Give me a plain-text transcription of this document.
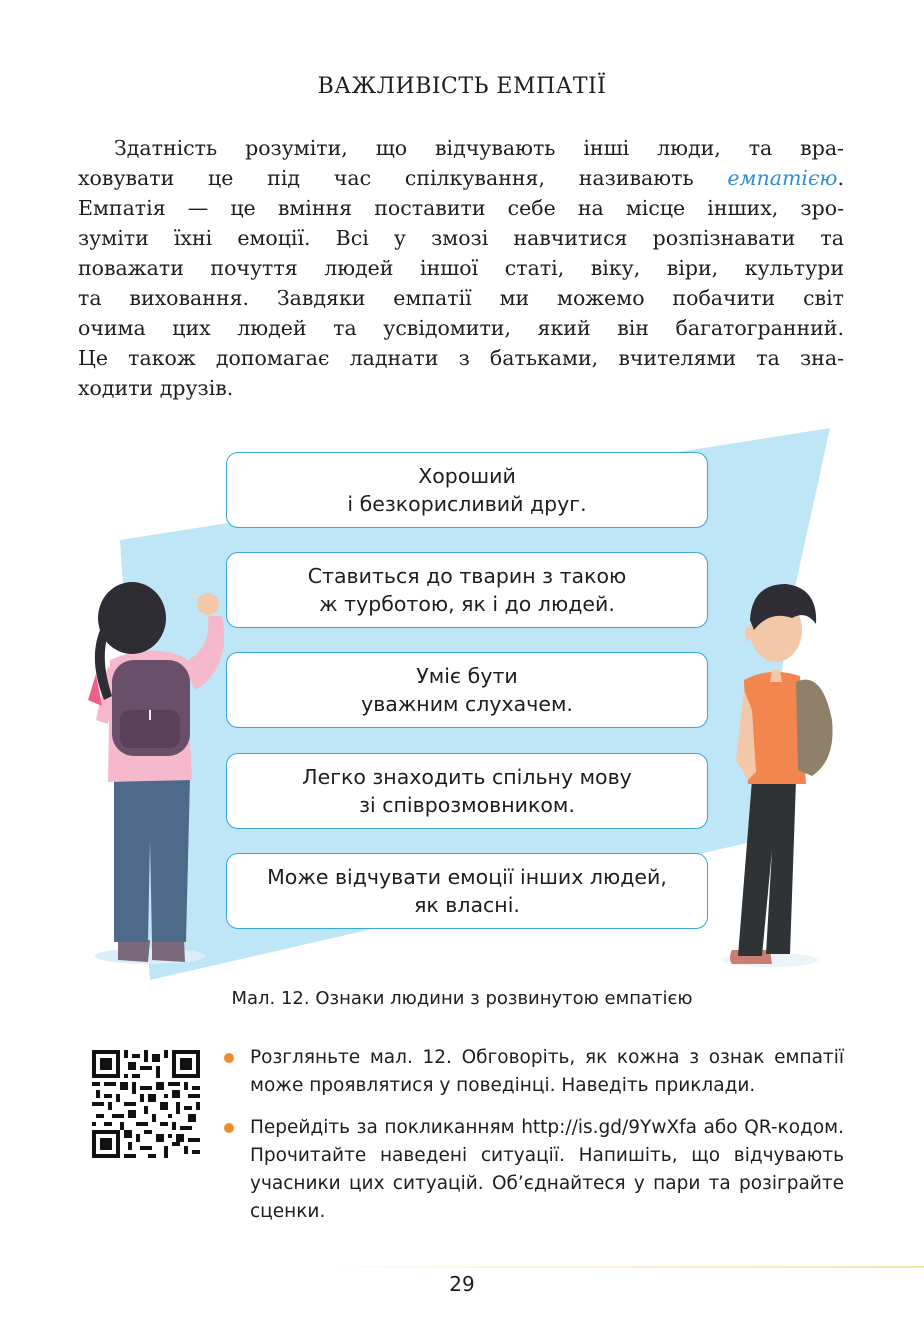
ВАЖЛИВІСТЬ ЕМПАТІЇ
Здатність розуміти, що відчувають інші люди, та вра-
ховувати це під час спілкування, називають емпатією.
Емпатія — це вміння поставити себе на місце інших, зро-
зуміти їхні емоції. Всі у змозі навчитися розпізнавати та
поважати почуття людей іншої статі, віку, віри, культури
та виховання. Завдяки емпатії ми можемо побачити світ
очима цих людей та усвідомити, який він багатогранний.
Це також допомагає ладнати з батьками, вчителями та зна-
ходити друзів.
Хороший
і безкорисливий друг.
Ставиться до тварин з такою
ж турботою, як і до людей.
Уміє бути
уважним слухачем.
Легко знаходить спільну мову
зі співрозмовником.
Може відчувати емоції інших людей,
як власні.
Мал. 12. Ознаки людини з розвинутою емпатією
Розгляньте мал. 12. Обговоріть, як кожна з ознак емпатії може проявлятися у поведінці. Наведіть приклади.
Перейдіть за покликанням http://is.gd/9YwXfa або QR-кодом. Прочитайте наведені ситуації. Напишіть, що відчувають учасники цих ситуацій. Об’єднайтеся у пари та розіграйте сценки.
29
